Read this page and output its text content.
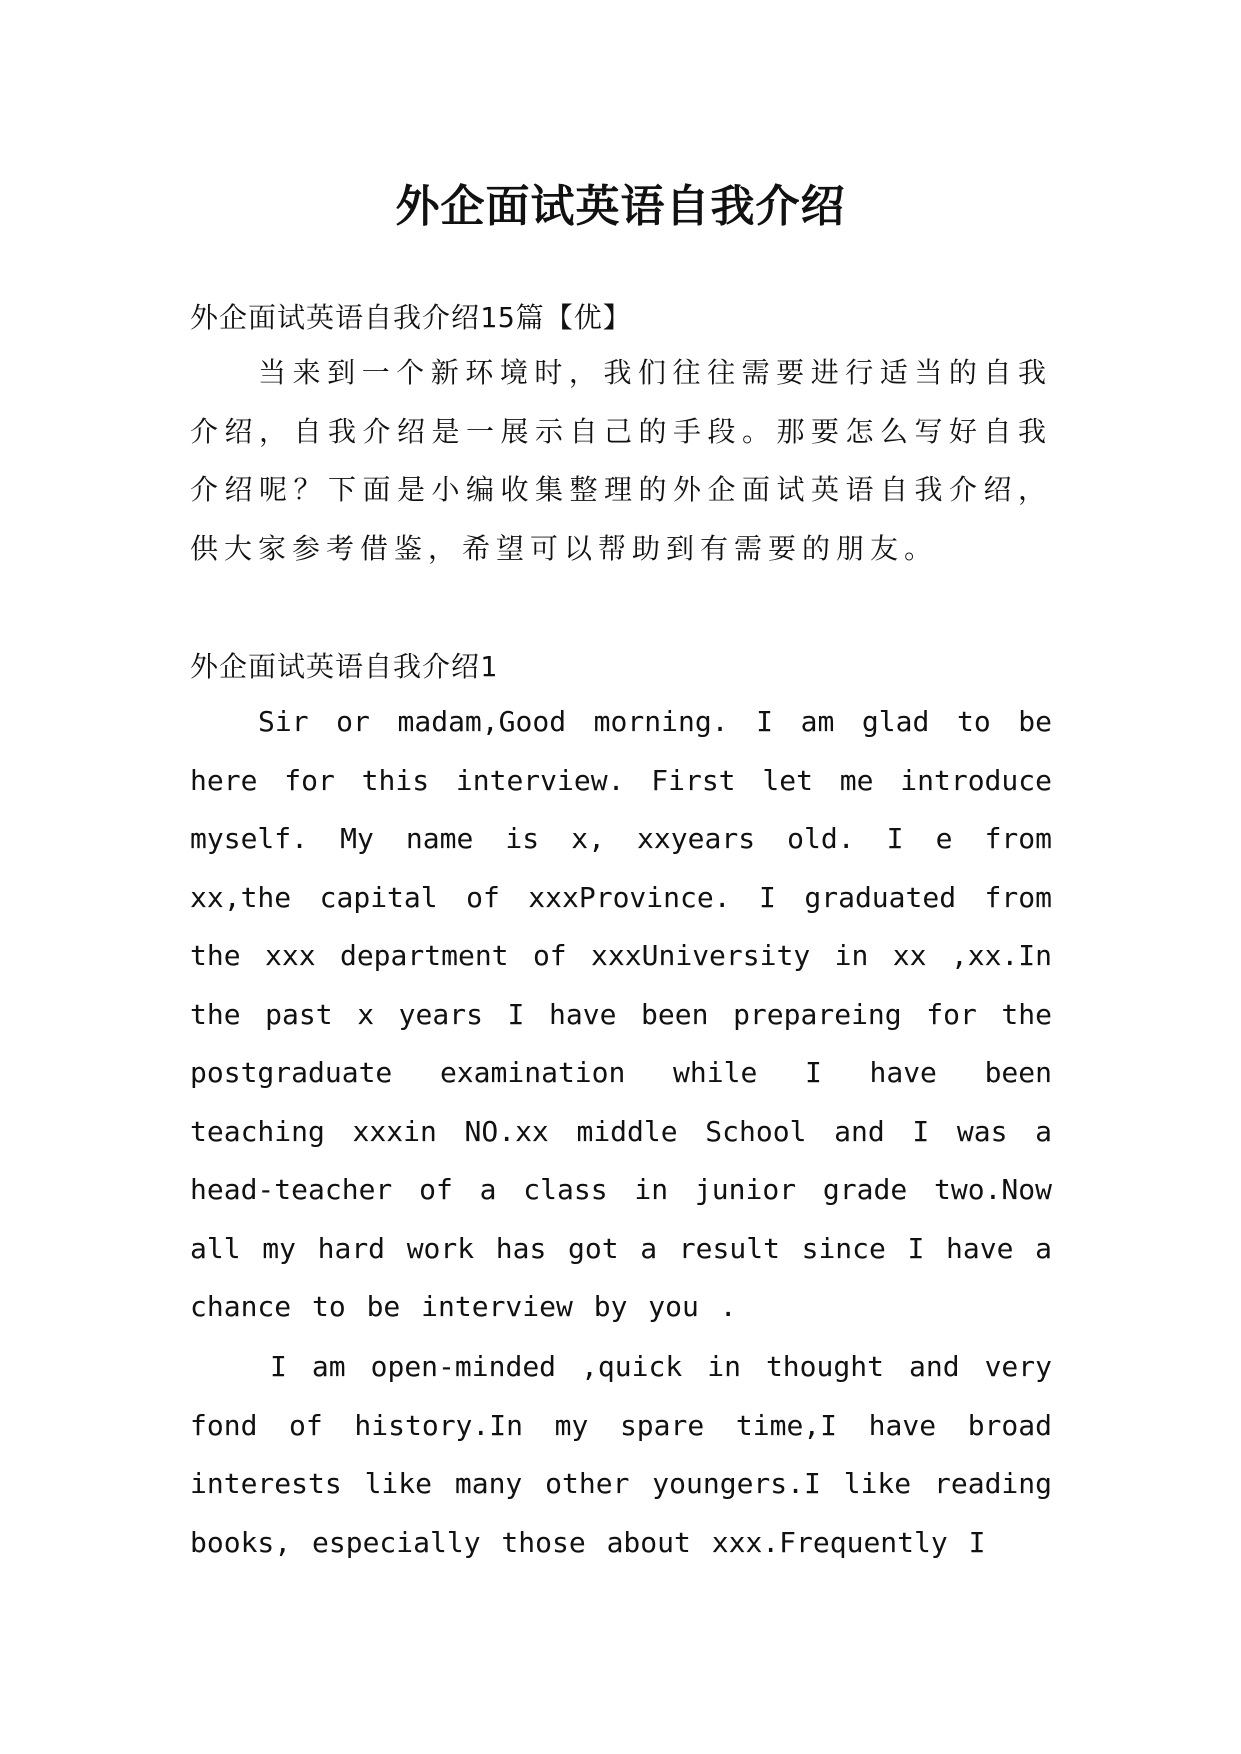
外企面试英语自我介绍

外企面试英语自我介绍15篇【优】

当来到一个新环境时，我们往往需要进行适当的自我介绍，自我介绍是一展示自己的手段。那要怎么写好自我介绍呢？下面是小编收集整理的外企面试英语自我介绍，供大家参考借鉴，希望可以帮助到有需要的朋友。

外企面试英语自我介绍1

Sir or madam,Good morning. I am glad to be here for this interview. First let me introduce myself. My name is x, xxyears old. I e from xx,the capital of xxxProvince. I graduated from the xxx department of xxxUniversity in xx ,xx.In the past x years I have been prepareing for the postgraduate examination while I have been teaching xxxin NO.xx middle School and I was a head-teacher of a class in junior grade two.Now all my hard work has got a result since I have a chance to be interview by you .

I am open-minded ,quick in thought and very fond of history.In my spare time,I have broad interests like many other youngers.I like reading books, especially those about xxx.Frequently I
